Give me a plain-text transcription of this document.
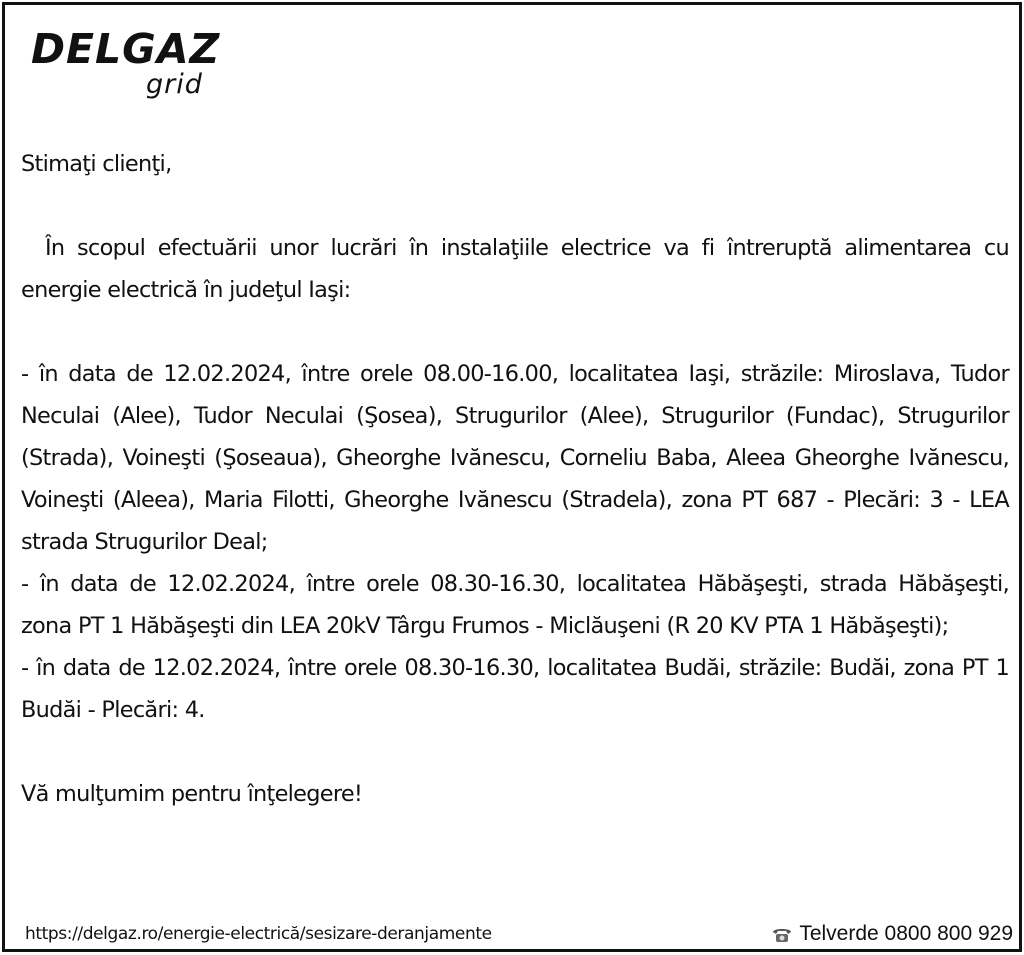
DELGAZ
grid

Stimaţi clienţi,

În scopul efectuării unor lucrări în instalaţiile electrice va fi întreruptă alimentarea cu energie electrică în judeţul Iaşi:

- în data de 12.02.2024, între orele 08.00-16.00, localitatea Iaşi, străzile: Miroslava, Tudor Neculai (Alee), Tudor Neculai (Şosea), Strugurilor (Alee), Strugurilor (Fundac), Strugurilor (Strada), Voineşti (Şoseaua), Gheorghe Ivănescu, Corneliu Baba, Aleea Gheorghe Ivănescu, Voineşti (Aleea), Maria Filotti, Gheorghe Ivănescu (Stradela), zona PT 687 - Plecări: 3 - LEA strada Strugurilor Deal;

- în data de 12.02.2024, între orele 08.30-16.30, localitatea Hăbăşeşti, strada Hăbăşeşti, zona PT 1 Hăbăşeşti din LEA 20kV Târgu Frumos - Miclăuşeni (R 20 KV PTA 1 Hăbăşeşti);

- în data de 12.02.2024, între orele 08.30-16.30, localitatea Budăi, străzile: Budăi, zona PT 1 Budăi - Plecări: 4.

Vă mulţumim pentru înţelegere!

https://delgaz.ro/energie-electrică/sesizare-deranjamente	Telverde 0800 800 929
